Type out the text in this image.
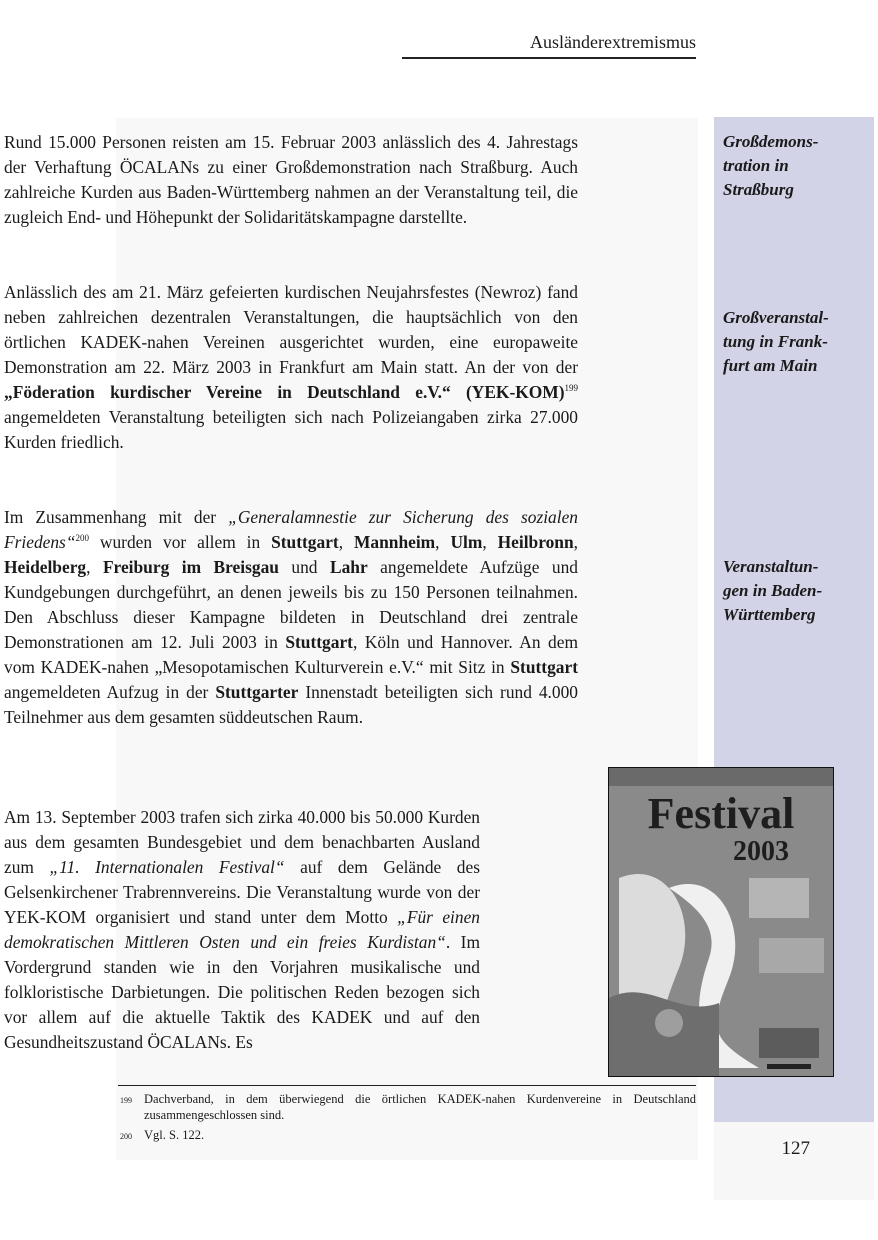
Ausländerextremismus
Großdemons-
tration in
Straßburg
Großveranstal-
tung in Frank-
furt am Main
Veranstaltun-
gen in Baden-
Württemberg

Rund 15.000 Personen reisten am 15. Februar 2003 anlässlich des 4. Jahrestags der Verhaftung ÖCALANs zu einer Großdemonstration nach Straßburg. Auch zahlreiche Kurden aus Baden-Württemberg nahmen an der Veranstaltung teil, die zugleich End- und Höhepunkt der Solidaritätskampagne darstellte.

Anlässlich des am 21. März gefeierten kurdischen Neujahrsfestes (Newroz) fand neben zahlreichen dezentralen Veranstaltungen, die hauptsächlich von den örtlichen KADEK-nahen Vereinen ausgerichtet wurden, eine europaweite Demonstration am 22. März 2003 in Frankfurt am Main statt. An der von der „Föderation kurdischer Vereine in Deutschland e.V.“ $(YEK-KOM)^{199}$ angemeldeten Veranstaltung beteiligten sich nach Polizeiangaben zirka 27.000 Kurden friedlich.

Im Zusammenhang mit der „Generalamnestie zur Sicherung des sozialen Friedens“$^{200}$ wurden vor allem in Stuttgart, Mannheim, Ulm, Heilbronn, Heidelberg, Freiburg im Breisgau und Lahr angemeldete Aufzüge und Kundgebungen durchgeführt, an denen jeweils bis zu 150 Personen teilnahmen. Den Abschluss dieser Kampagne bildeten in Deutschland drei zentrale Demonstrationen am 12. Juli 2003 in Stuttgart, Köln und Hannover. An dem vom KADEK-nahen „Mesopotamischen Kulturverein e.V.“ mit Sitz in Stuttgart angemeldeten Aufzug in der Stuttgarter Innenstadt beteiligten sich rund 4.000 Teilnehmer aus dem gesamten süddeutschen Raum.

Am 13. September 2003 trafen sich zirka 40.000 bis 50.000 Kurden aus dem gesamten Bundesgebiet und dem benachbarten Ausland zum „11. Internationalen Festival“ auf dem Gelände des Gelsenkirchener Trabrennvereins. Die Veranstaltung wurde von der YEK-KOM organisiert und stand unter dem Motto „Für einen demokratischen Mittleren Osten und ein freies Kurdistan“. Im Vordergrund standen wie in den Vorjahren musikalische und folkloristische Darbietungen. Die politischen Reden bezogen sich vor allem auf die aktuelle Taktik des KADEK und auf den Gesundheitszustand ÖCALANs. Es

Festival
2003
199 Dachverband, in dem überwiegend die örtlichen KADEK-nahen Kurdenvereine in Deutschland zusammengeschlossen sind.
200 Vgl. S. 122.
127
